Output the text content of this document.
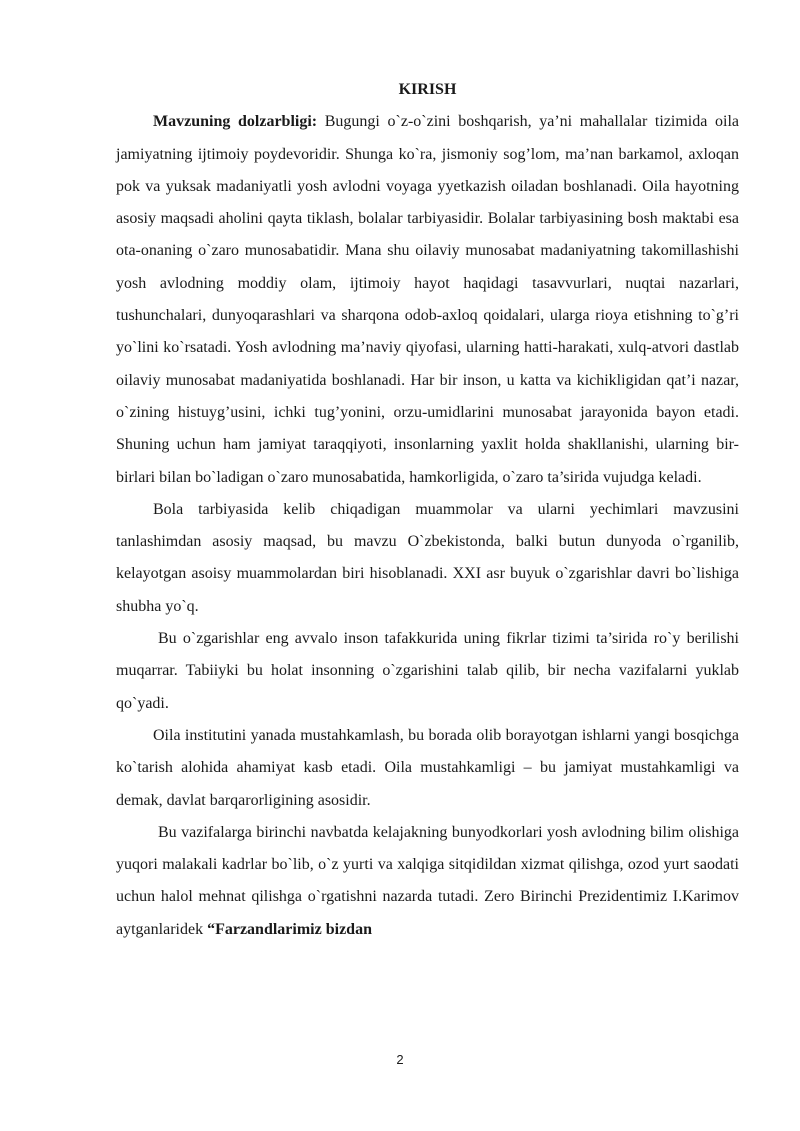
KIRISH

Mavzuning dolzarbligi: Bugungi o`z-o`zini boshqarish, ya’ni mahallalar tizimida oila jamiyatning ijtimoiy poydevoridir. Shunga ko`ra, jismoniy sog’lom, ma’nan barkamol, axloqan pok va yuksak madaniyatli yosh avlodni voyaga yyetkazish oiladan boshlanadi. Oila hayotning asosiy maqsadi aholini qayta tiklash, bolalar tarbiyasidir. Bolalar tarbiyasining bosh maktabi esa ota-onaning o`zaro munosabatidir. Mana shu oilaviy munosabat madaniyatning takomillashishi yosh avlodning moddiy olam, ijtimoiy hayot haqidagi tasavvurlari, nuqtai nazarlari, tushunchalari, dunyoqarashlari va sharqona odob-axloq qoidalari, ularga rioya etishning to`g’ri yo`lini ko`rsatadi. Yosh avlodning ma’naviy qiyofasi, ularning hatti-harakati, xulq-atvori dastlab oilaviy munosabat madaniyatida boshlanadi. Har bir inson, u katta va kichikligidan qat’i nazar, o`zining histuyg’usini, ichki tug’yonini, orzu-umidlarini munosabat jarayonida bayon etadi. Shuning uchun ham jamiyat taraqqiyoti, insonlarning yaxlit holda shakllanishi, ularning bir-birlari bilan bo`ladigan o`zaro munosabatida, hamkorligida, o`zaro ta’sirida vujudga keladi.

Bola tarbiyasida kelib chiqadigan muammolar va ularni yechimlari mavzusini tanlashimdan asosiy maqsad, bu mavzu O`zbekistonda, balki butun dunyoda o`rganilib, kelayotgan asoisy muammolardan biri hisoblanadi. XXI asr buyuk o`zgarishlar davri bo`lishiga shubha yo`q.

Bu o`zgarishlar eng avvalo inson tafakkurida uning fikrlar tizimi ta’sirida ro`y berilishi muqarrar. Tabiiyki bu holat insonning o`zgarishini talab qilib, bir necha vazifalarni yuklab qo`yadi.

Oila institutini yanada mustahkamlash, bu borada olib borayotgan ishlarni yangi bosqichga ko`tarish alohida ahamiyat kasb etadi. Oila mustahkamligi – bu jamiyat mustahkamligi va demak, davlat barqarorligining asosidir.

Bu vazifalarga birinchi navbatda kelajakning bunyodkorlari yosh avlodning bilim olishiga yuqori malakali kadrlar bo`lib, o`z yurti va xalqiga sitqidildan xizmat qilishga, ozod yurt saodati uchun halol mehnat qilishga o`rgatishni nazarda tutadi. Zero Birinchi Prezidentimiz I.Karimov aytganlaridek “Farzandlarimiz bizdan

2
